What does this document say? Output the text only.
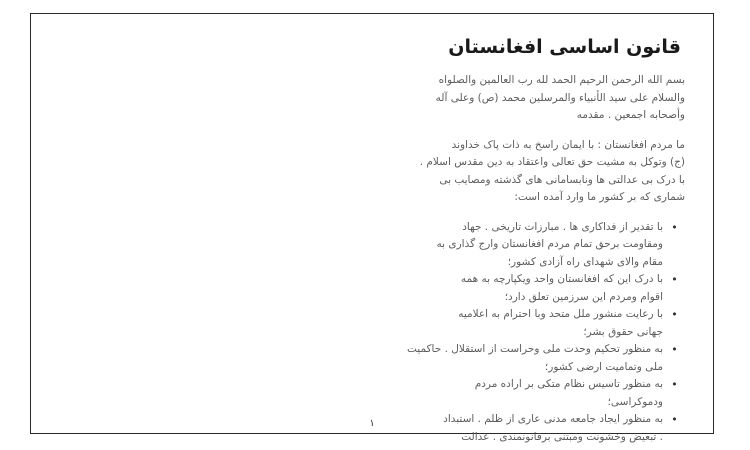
قانون اساسی افغانستان

بسم الله الرحمن الرحیم الحمد لله رب العالمین والصلواه
والسلام علی سید الأنبیاء والمرسلین محمد (ص) وعلی آله
وأصحابه اجمعین . مقدمه

ما مردم افغانستان : با ایمان راسخ به ذات پاک خداوند
(ج) وتوکل به مشیت حق تعالی واعتقاد به دین مقدس اسلام .
با درک بی عدالتی ها ونابسامانی های گذشته ومصایب بی
شماری که بر کشور ما وارد آمده است:

•
با تقدیر از فداکاری ها . مبارزات تاریخی . جهاد
ومقاومت برحق تمام مردم افغانستان وارج گذاری به
مقام والای شهدای راه آزادی کشور؛
•
با درک این که افغانستان واحد ویکپارچه به همه
اقوام ومردم این سرزمین تعلق دارد؛
•
با رعایت منشور ملل متحد وبا احترام به اعلامیه
جهانی حقوق بشر؛
•
به منظور تحکیم وحدت ملی وحراست از استقلال . حاکمیت
ملی وتمامیت ارضی کشور؛
•
به منظور تاسیس نظام متکی بر اراده مردم
ودموکراسی؛
•
به منظور ایجاد جامعه مدنی عاری از ظلم . استبداد
. تبعیض وخشونت ومبتنی برقانونمندی . عدالت
۱
